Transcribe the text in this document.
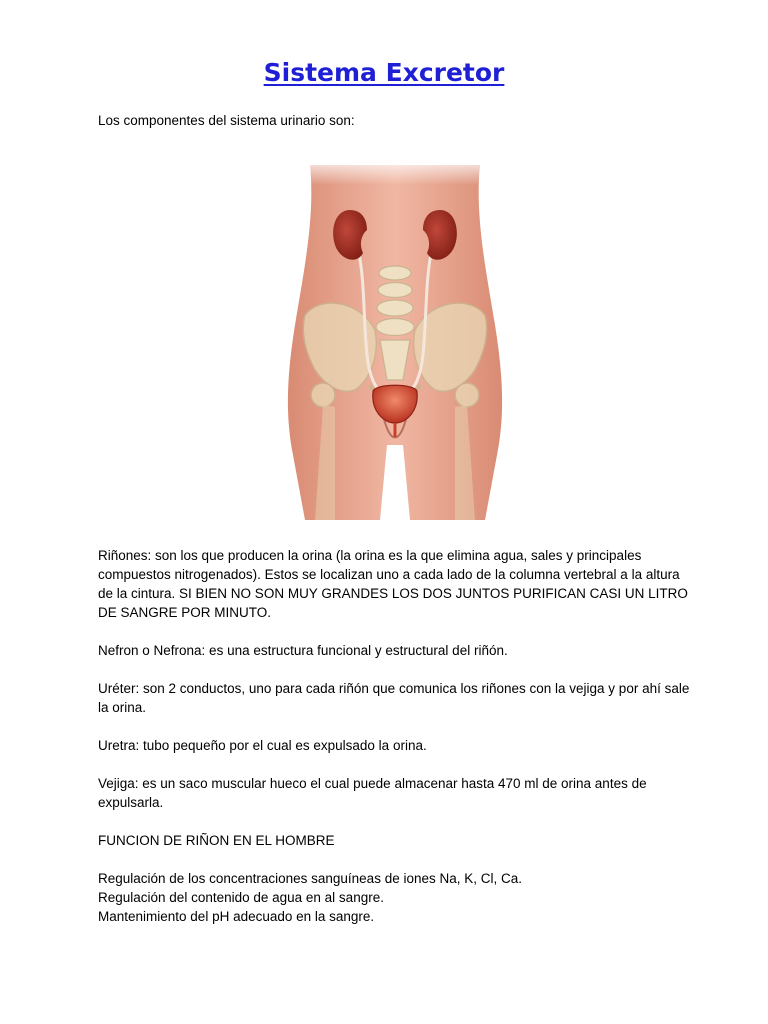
Sistema Excretor
Los componentes del sistema urinario son:

Riñones: son los que producen la orina (la orina es la que elimina agua, sales y principales compuestos nitrogenados). Estos se localizan uno a cada lado de la columna vertebral a la altura de la cintura. SI BIEN NO SON MUY GRANDES LOS DOS JUNTOS PURIFICAN CASI UN LITRO DE SANGRE POR MINUTO.

Nefron o Nefrona: es una estructura funcional y estructural del riñón.

Uréter: son 2 conductos, uno para cada riñón que comunica los riñones con la vejiga y por ahí sale la orina.

Uretra: tubo pequeño por el cual es expulsado la orina.

Vejiga: es un saco muscular hueco el cual puede almacenar hasta 470 ml de orina antes de expulsarla.

FUNCION DE RIÑON EN EL HOMBRE

Regulación de los concentraciones sanguíneas de iones Na, K, Cl, Ca.
Regulación del contenido de agua en al sangre.
Mantenimiento del pH adecuado en la sangre.
